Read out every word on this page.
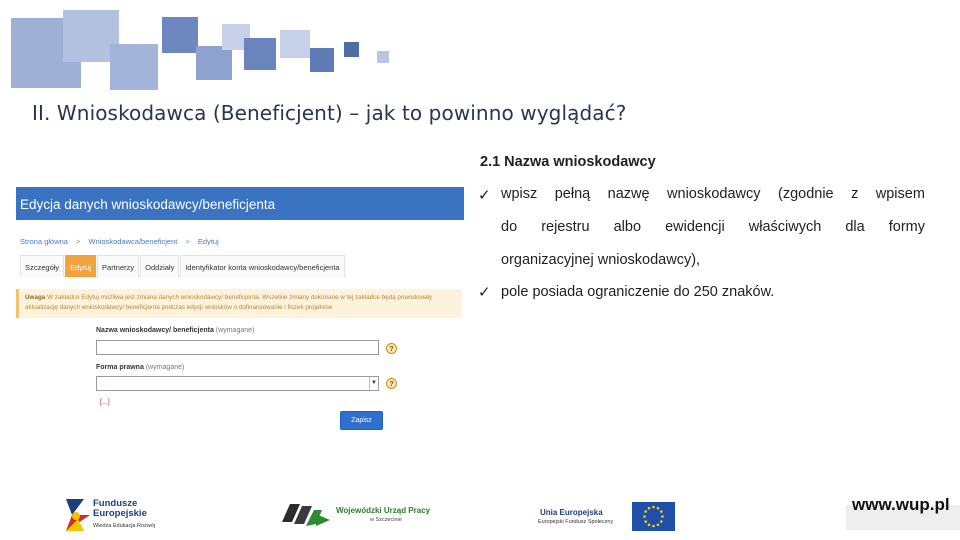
II. Wnioskodawca (Beneficjent) – jak to powinno wyglądać?
Edycja danych wnioskodawcy/beneficjenta
Strona główna > Wnioskodawca/beneficjent > Edytuj
Szczegóły	Edytuj	Partnerzy	Oddziały	Identyfikator konta wnioskodawcy/beneficjenta
Uwaga W zakładce Edytuj możliwa jest zmiana danych wnioskodawcy/ beneficjenta. Wszelkie zmiany dokonane w tej zakładce będą powodowały aktualizację danych wnioskodawcy/ beneficjenta podczas edycji wniosków o dofinansowanie i fiszek projektów
Nazwa wnioskodawcy/ beneficjenta (wymagane)
?
Forma prawna (wymagane)
▼	?
[...]
Zapisz
2.1 Nazwa wnioskodawcy
✓ wpisz pełną nazwę wnioskodawcy (zgodnie z wpisem
do rejestru albo ewidencji właściwych dla formy
organizacyjnej wnioskodawcy),
✓ pole posiada ograniczenie do 250 znaków.
Fundusze
Europejskie
Wiedza Edukacja Rozwój
Wojewódzki Urząd Pracy
w Szczecinie
Unia Europejska
Europejski Fundusz Społeczny
www.wup.pl
